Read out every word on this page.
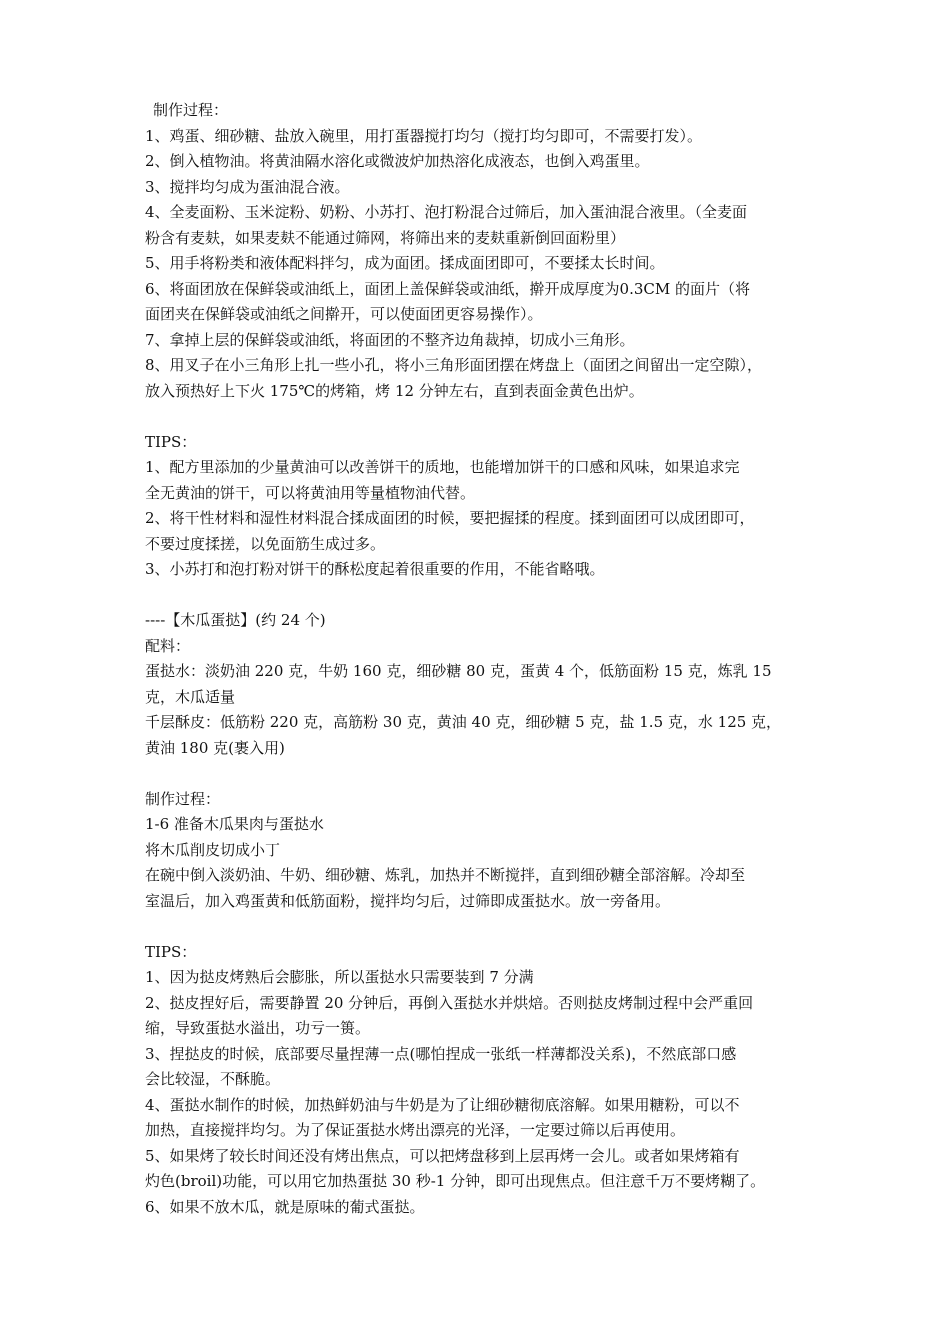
制作过程：
1、鸡蛋、细砂糖、盐放入碗里，用打蛋器搅打均匀（搅打均匀即可，不需要打发）。
2、倒入植物油。将黄油隔水溶化或微波炉加热溶化成液态，也倒入鸡蛋里。
3、搅拌均匀成为蛋油混合液。
4、全麦面粉、玉米淀粉、奶粉、小苏打、泡打粉混合过筛后，加入蛋油混合液里。（全麦面
粉含有麦麸，如果麦麸不能通过筛网，将筛出来的麦麸重新倒回面粉里）
5、用手将粉类和液体配料拌匀，成为面团。揉成面团即可，不要揉太长时间。
6、将面团放在保鲜袋或油纸上，面团上盖保鲜袋或油纸，擀开成厚度为0.3CM 的面片（将
面团夹在保鲜袋或油纸之间擀开，可以使面团更容易操作）。
7、拿掉上层的保鲜袋或油纸，将面团的不整齐边角裁掉，切成小三角形。
8、用叉子在小三角形上扎一些小孔，将小三角形面团摆在烤盘上（面团之间留出一定空隙），
放入预热好上下火 175℃的烤箱，烤 12 分钟左右，直到表面金黄色出炉。
TIPS：
1、配方里添加的少量黄油可以改善饼干的质地，也能增加饼干的口感和风味，如果追求完
全无黄油的饼干，可以将黄油用等量植物油代替。
2、将干性材料和湿性材料混合揉成面团的时候，要把握揉的程度。揉到面团可以成团即可，
不要过度揉搓，以免面筋生成过多。
3、小苏打和泡打粉对饼干的酥松度起着很重要的作用，不能省略哦。
----【木瓜蛋挞】(约 24 个)
配料：
蛋挞水：淡奶油 220 克，牛奶 160 克，细砂糖 80 克，蛋黄 4 个，低筋面粉 15 克，炼乳 15
克，木瓜适量
千层酥皮：低筋粉 220 克，高筋粉 30 克，黄油 40 克，细砂糖 5 克，盐 1.5 克，水 125 克，
黄油 180 克(裹入用)
制作过程：
1-6 准备木瓜果肉与蛋挞水
将木瓜削皮切成小丁
在碗中倒入淡奶油、牛奶、细砂糖、炼乳，加热并不断搅拌，直到细砂糖全部溶解。冷却至
室温后，加入鸡蛋黄和低筋面粉，搅拌均匀后，过筛即成蛋挞水。放一旁备用。
TIPS：
1、因为挞皮烤熟后会膨胀，所以蛋挞水只需要装到 7 分满
2、挞皮捏好后，需要静置 20 分钟后，再倒入蛋挞水并烘焙。否则挞皮烤制过程中会严重回
缩，导致蛋挞水溢出，功亏一篑。
3、捏挞皮的时候，底部要尽量捏薄一点(哪怕捏成一张纸一样薄都没关系)，不然底部口感
会比较湿，不酥脆。
4、蛋挞水制作的时候，加热鲜奶油与牛奶是为了让细砂糖彻底溶解。如果用糖粉，可以不
加热，直接搅拌均匀。为了保证蛋挞水烤出漂亮的光泽，一定要过筛以后再使用。
5、如果烤了较长时间还没有烤出焦点，可以把烤盘移到上层再烤一会儿。或者如果烤箱有
灼色(broil)功能，可以用它加热蛋挞 30 秒-1 分钟，即可出现焦点。但注意千万不要烤糊了。
6、如果不放木瓜，就是原味的葡式蛋挞。
